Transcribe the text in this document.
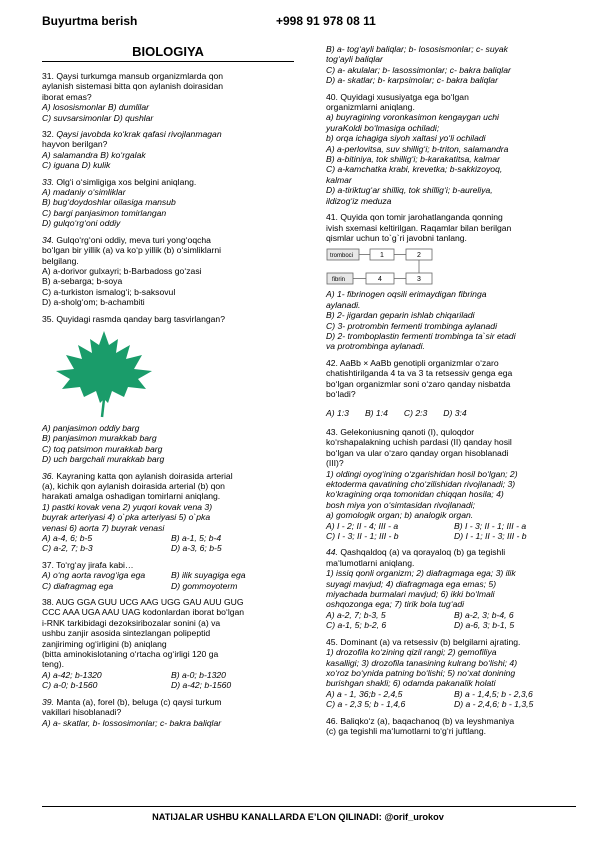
Buyurtma berish	+998 91 978 08 11
BIOLOGIYA

31. Qaysi turkumga mansub organizmlarda qon

aylanish sistemasi bitta qon aylanish doirasidan

iborat emas?

A) lososismonlar B) dumlilar

C) suvsarsimonlar D) qushlar

32. Qaysi javobda ko‘krak qafasi rivojlanmagan

hayvon berilgan?

A) salamandra B) ko‘rgalak

C) iguana D) kulik

33. Olg‘i o‘simligiga xos belgini aniqlang.

A) madaniy o‘simliklar

B) bug‘doydoshlar oilasiga mansub

C) bargi panjasimon tomirlangan

D) gulqo‘rg‘oni oddiy

34. Gulqo‘rg‘oni oddiy, meva turi yong‘oqcha

bo‘lgan bir yillik (a) va ko‘p yillik (b) o‘simliklarni

belgilang.

A) a-dorivor gulxayri; b-Barbadoss go‘zasi

B) a-sebarga; b-soya

C) a-turkiston ismalog‘i; b-saksovul

D) a-sholg‘om; b-achambiti

35. Quyidagi rasmda qanday barg tasvirlangan?

A) panjasimon oddiy barg

B) panjasimon murakkab barg

C) toq patsimon murakkab barg

D) uch bargchali murakkab barg

36. Kayraning katta qon aylanish doirasida arterial

(a), kichik qon aylanish doirasida arterial (b) qon

harakati amalga oshadigan tomirlarni aniqlang.

1) pastki kovak vena 2) yuqori kovak vena 3)

buyrak arteriyasi 4) o`pka arteriyasi 5) o`pka

venasi 6) aorta 7) buyrak venasi

A) a-4, 6; b-5	B) a-1, 5; b-4
C) a-2, 7; b-3	D) a-3, 6; b-5

37. To‘rg‘ay jirafa kabi…

A) o‘ng aorta ravog‘iga ega	B) ilik suyagiga ega
C) diafragmag ega	D) gommoyoterm

38. AUG GGA GUU UCG AAG UGG GAU AUU GUG

CCC AAA UGA AAU UAG kodonlardan iborat bo‘lgan

i-RNK tarkibidagi dezoksiribozalar sonini (a) va

ushbu zanjir asosida sintezlangan polipeptid

zanjiriming og‘irligini (b) aniqlang

(bitta aminokislotaning o‘rtacha og‘irligi 120 ga

teng).

A) a-42; b-1320	B) a-0; b-1320
C) a-0; b-1560	D) a-42; b-1560

39. Manta (a), forel (b), beluga (c) qaysi turkum

vakillari hisoblanadi?

A) a- skatlar, b- lossosimonlar; c- bakra baliqlar

B) a- tog‘ayli baliqlar; b- lososismonlar; c- suyak

tog‘ayli baliqlar

C) a- akulalar; b- lasossimonlar; c- bakra baliqlar

D) a- skatlar; b- karpsimolar; c- bakra baliqlar

40. Quyidagi xususiyatga ega bo‘lgan

organizmlarni aniqlang.

a) buyragining voronkasimon kengaygan uchi

yuraKoldi bo‘lmasiga ochiladi;

b) orqa ichagiga siyoh xaltasi yo‘li ochiladi

A) a-perlovitsa, suv shillig‘i; b-triton, salamandra

B) a-bitiniya, tok shillig‘i; b-karakatitsa, kalmar

C) a-kamchatka krabi, krevetka; b-sakkizoyoq,

kalmar

D) a-tiriktug‘ar shilliq, tok shillig‘i; b-aureliya,

ildizog‘iz meduza

41. Quyida qon tomir jarohatlanganda qonning

ivish sxemasi keltirilgan. Raqamlar bilan berilgan

qismlar uchun to`g`ri javobni tanlang.

tromboci	1	2
fibrin	4	3

A) 1- fibrinogen oqsili erimaydigan fibringa

aylanadi.

B) 2- jigardan geparin ishlab chiqariladi

C) 3- protrombin fermenti trombinga aylanadi

D) 2- tromboplastin fermenti trombinga ta`sir etadi

va protrombinga aylanadi.

42. AaBb × AaBb genotipli organizmlar o‘zaro

chatishtirilganda 4 ta va 3 ta retsessiv genga ega

bo‘lgan organizmlar soni o‘zaro qanday nisbatda

bo‘ladi?

A) 1:3 B) 1:4 C) 2:3 D) 3:4

43. Gelekoniusning qanoti (I), quloqdor

ko‘rshapalakning uchish pardasi (II) qanday hosil

bo‘lgan va ular o‘zaro qanday organ hisoblanadi

(III)?

1) oldingi oyog‘ining o‘zgarishidan hosil bo‘lgan; 2)

ektoderma qavatining cho‘zilishidan rivojlanadi; 3)

ko‘kragining orqa tomonidan chiqqan hosila; 4)

bosh miya yon o‘simtasidan rivojlanadi;

a) gomologik organ; b) analogik organ.

A) I - 2; II - 4; III - a	B) I - 3; II - 1; III - a
C) I - 3; II - 1; III - b	D) I - 1; II - 3; III - b

44. Qashqaldoq (a) va qorayaloq (b) ga tegishli

ma‘lumotlarni aniqlang.

1) issiq qonli organizm; 2) diafragmaga ega; 3) ilik

suyagi mavjud; 4) diafragmaga ega emas; 5)

miyachada burmalari mavjud; 6) ikki bo‘lmali

oshqozonga ega; 7) tirik bola tug‘adi

A) a-2, 7; b-3, 5	B) a-2, 3; b-4, 6
C) a-1, 5; b-2, 6	D) a-6, 3; b-1, 5

45. Dominant (a) va retsessiv (b) belgilarni ajrating.

1) drozofila ko‘zining qizil rangi; 2) gemofiliya

kasalligi; 3) drozofila tanasining kulrang bo‘lishi; 4)

xo‘roz bo‘ynida patning bo‘lishi; 5) no‘xat donining

burishgan shakli; 6) odamda pakanalik holati

A) a - 1, 36;b - 2,4,5	B) a - 1,4,5; b - 2,3,6
C) a - 2,3 5; b - 1,4,6	D) a - 2,4,6; b - 1,3,5

46. Baliqko‘z (a), baqachanoq (b) va leyshmaniya

(c) ga tegishli ma‘lumotlarni to‘g‘ri juftlang.

NATIJALAR USHBU KANALLARDA E’LON QILINADI: @orif_urokov
